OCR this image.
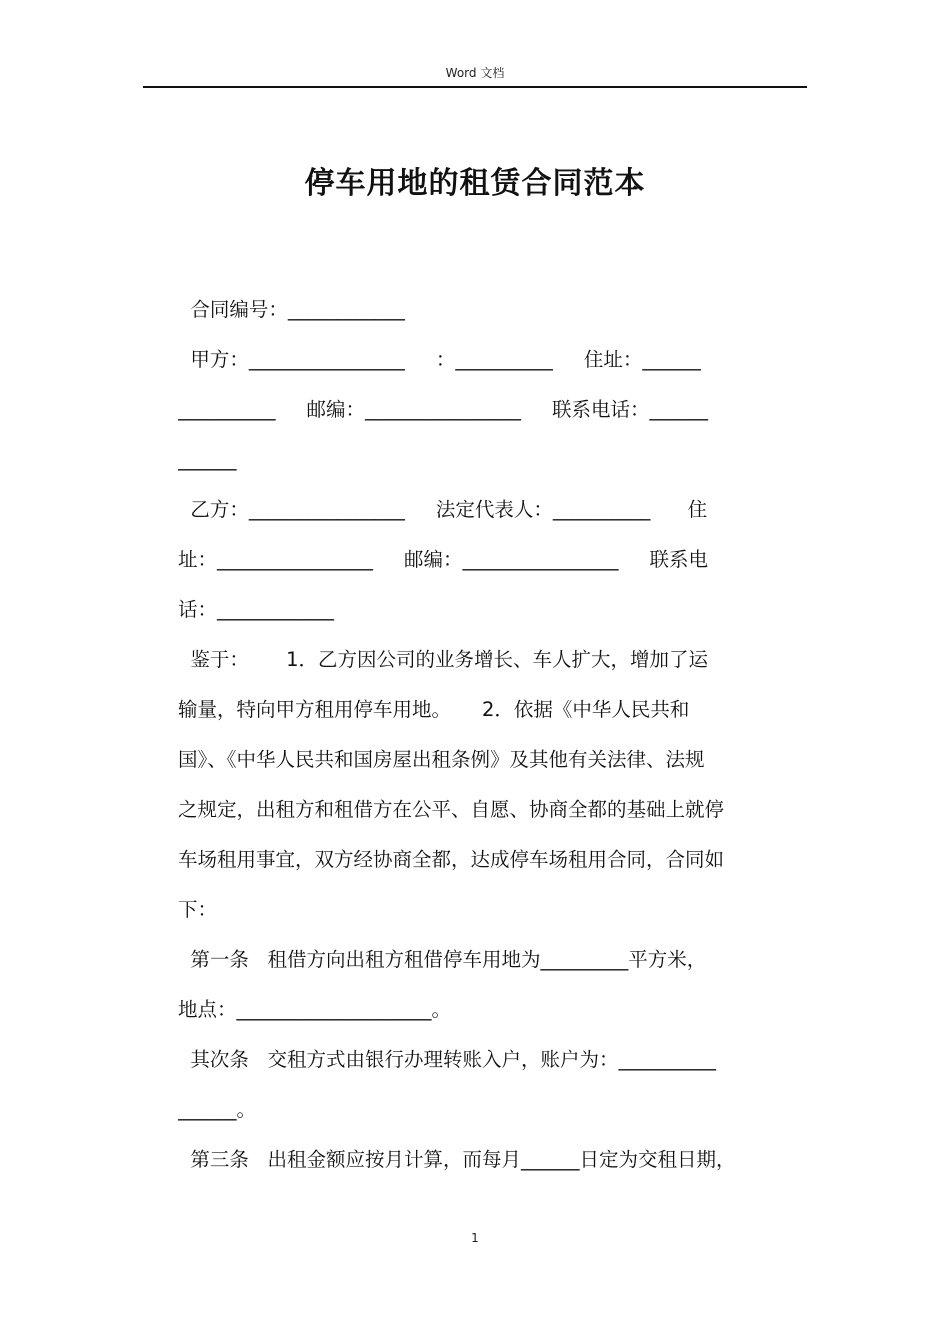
Word 文档
停车用地的租赁合同范本
合同编号：____________
甲方：________________     ：__________     住址：______
__________     邮编：________________     联系电话：______
______
乙方：________________     法定代表人：__________      住
址：________________     邮编：________________     联系电
话：____________
鉴于：      1．乙方因公司的业务增长、车人扩大，增加了运
输量，特向甲方租用停车用地。     2．依据《中华人民共和
国》、《中华人民共和国房屋出租条例》及其他有关法律、法规
之规定，出租方和租借方在公平、自愿、协商全都的基础上就停
车场租用事宜，双方经协商全都，达成停车场租用合同，合同如
下：
第一条   租借方向出租方租借停车用地为_________平方米，
地点：____________________。
其次条   交租方式由银行办理转账入户，账户为：__________
______。
第三条   出租金额应按月计算，而每月______日定为交租日期，
1
